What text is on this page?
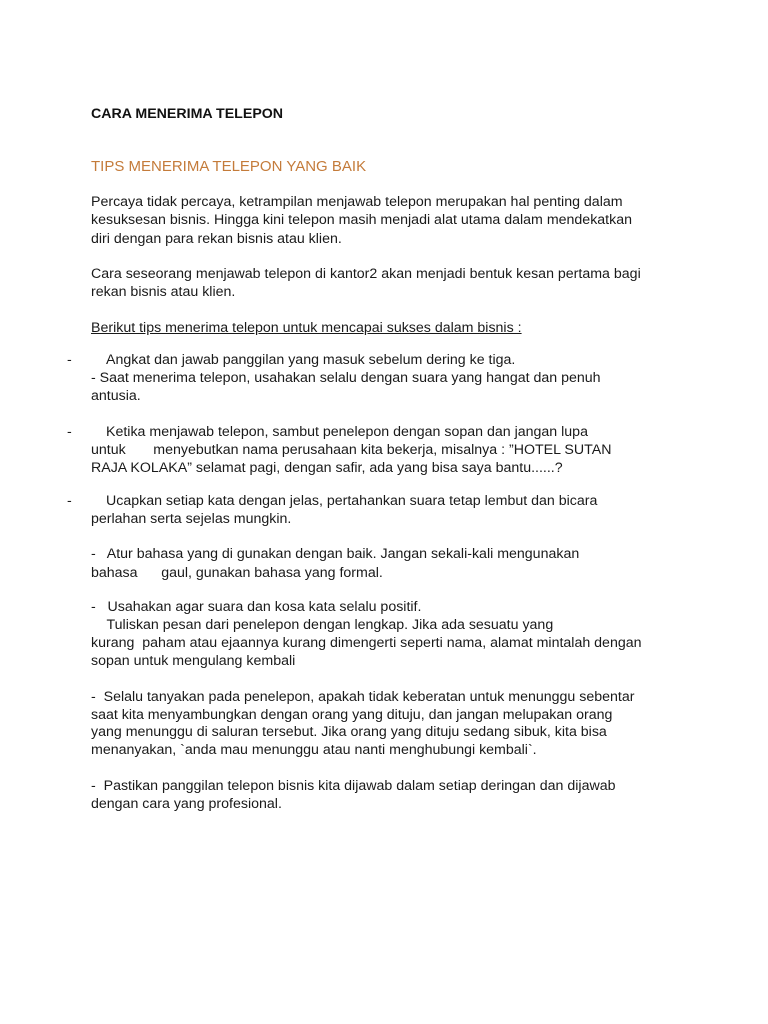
CARA MENERIMA TELEPON

TIPS MENERIMA TELEPON YANG BAIK

Percaya tidak percaya, ketrampilan menjawab telepon merupakan hal penting dalam

kesuksesan bisnis. Hingga kini telepon masih menjadi alat utama dalam mendekatkan

diri dengan para rekan bisnis atau klien.

Cara seseorang menjawab telepon di kantor2 akan menjadi bentuk kesan pertama bagi

rekan bisnis atau klien.

Berikut tips menerima telepon untuk mencapai sukses dalam bisnis :

- Angkat dan jawab panggilan yang masuk sebelum dering ke tiga.

- Saat menerima telepon, usahakan selalu dengan suara yang hangat dan penuh

antusia.

- Ketika menjawab telepon, sambut penelepon dengan sopan dan jangan lupa

untuk       menyebutkan nama perusahaan kita bekerja, misalnya : ”HOTEL SUTAN

RAJA KOLAKA” selamat pagi, dengan safir, ada yang bisa saya bantu......?

- Ucapkan setiap kata dengan jelas, pertahankan suara tetap lembut dan bicara

perlahan serta sejelas mungkin.

-   Atur bahasa yang di gunakan dengan baik. Jangan sekali-kali mengunakan

bahasa      gaul, gunakan bahasa yang formal.

-   Usahakan agar suara dan kosa kata selalu positif.

Tuliskan pesan dari penelepon dengan lengkap. Jika ada sesuatu yang

kurang  paham atau ejaannya kurang dimengerti seperti nama, alamat mintalah dengan

sopan untuk mengulang kembali

-  Selalu tanyakan pada penelepon, apakah tidak keberatan untuk menunggu sebentar

saat kita menyambungkan dengan orang yang dituju, dan jangan melupakan orang

yang menunggu di saluran tersebut. Jika orang yang dituju sedang sibuk, kita bisa

menanyakan, `anda mau menunggu atau nanti menghubungi kembali`.

-  Pastikan panggilan telepon bisnis kita dijawab dalam setiap deringan dan dijawab

dengan cara yang profesional.
